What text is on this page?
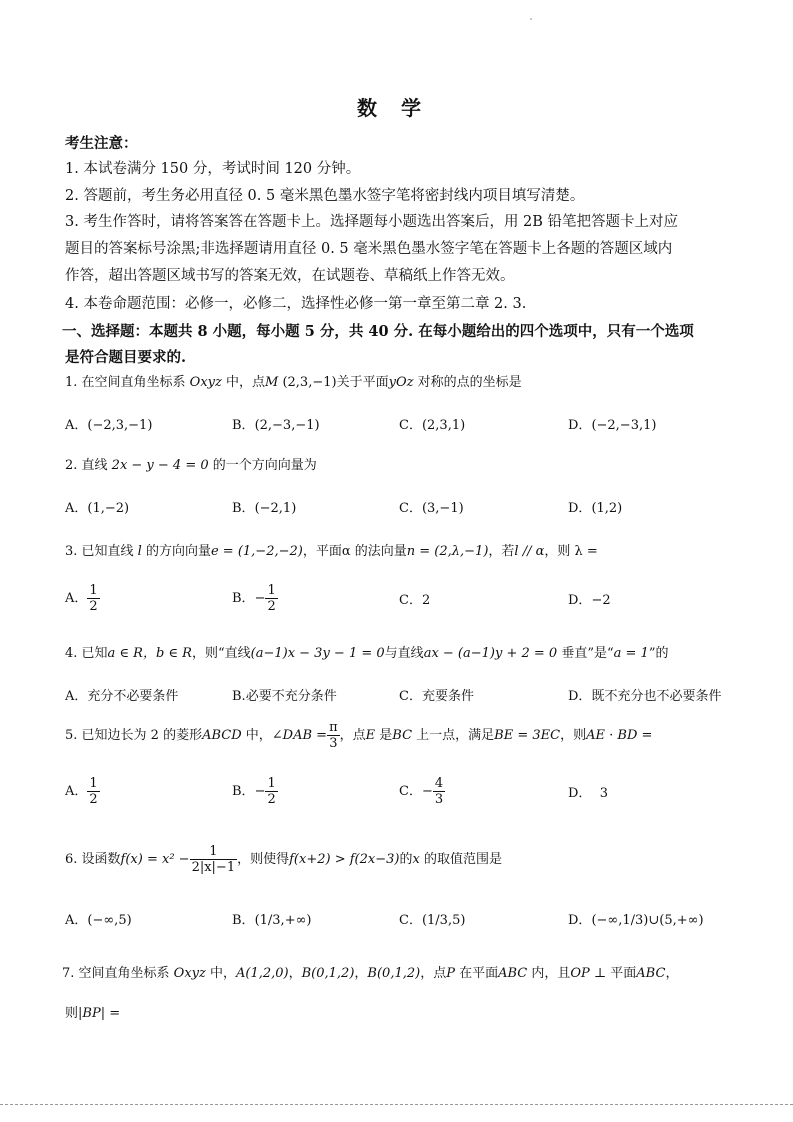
数　学
考生注意：
1. 本试卷满分 150 分，考试时间 120 分钟。
2. 答题前，考生务必用直径 0. 5 毫米黑色墨水签字笔将密封线内项目填写清楚。
3. 考生作答时，请将答案答在答题卡上。选择题每小题选出答案后，用 2B 铅笔把答题卡上对应
题目的答案标号涂黑;非选择题请用直径 0. 5 毫米黑色墨水签字笔在答题卡上各题的答题区域内
作答，超出答题区域书写的答案无效，在试题卷、草稿纸上作答无效。
4. 本卷命题范围：必修一，必修二，选择性必修一第一章至第二章 2. 3.
一、选择题：本题共 8 小题，每小题 5 分，共 40 分. 在每小题给出的四个选项中，只有一个选项
是符合题目要求的.
1. 在空间直角坐标系 Oxyz 中，点M (2,3,−1)关于平面yOz 对称的点的坐标是
A．(−2,3,−1)	B．(2,−3,−1)	C．(2,3,1)	D．(−2,−3,1)
2. 直线 2x − y − 4 = 0 的一个方向向量为
A．(1,−2)	B．(−2,1)	C．(3,−1)	D．(1,2)
3. 已知直线 l 的方向向量e = (1,−2,−2)，平面α 的法向量n = (2,λ,−1)，若l // α，则 λ =
A． $\frac{1}{2}$	B．− $\frac{1}{2}$	C．2	D．−2
4. 已知a ∈ R，b ∈ R，则“直线(a−1)x − 3y − 1 = 0与直线ax − (a−1)y + 2 = 0 垂直”是“a = 1”的
A．充分不必要条件	B.必要不充分条件	C．充要条件	D．既不充分也不必要条件
5. 已知边长为 2 的菱形ABCD 中，∠DAB = $\frac{\pi}{3}$ ，点E 是BC 上一点，满足BE = 3EC，则AE · BD =
A． $\frac{1}{2}$	B．− $\frac{1}{2}$	C．− $\frac{4}{3}$	D． 3
6. 设函数$f(x) = x^2 - \frac{1}{2|x|-1}$ ，则使得f(x+2) > f(2x−3)的x 的取值范围是
A．(−∞,5)	B．(1/3,+∞)	C．(1/3,5)	D．(−∞,1/3)∪(5,+∞)
7. 空间直角坐标系 Oxyz 中，A(1,2,0)，B(0,1,2)，B(0,1,2)，点P 在平面ABC 内，且OP ⊥ 平面ABC，
则|BP| =
